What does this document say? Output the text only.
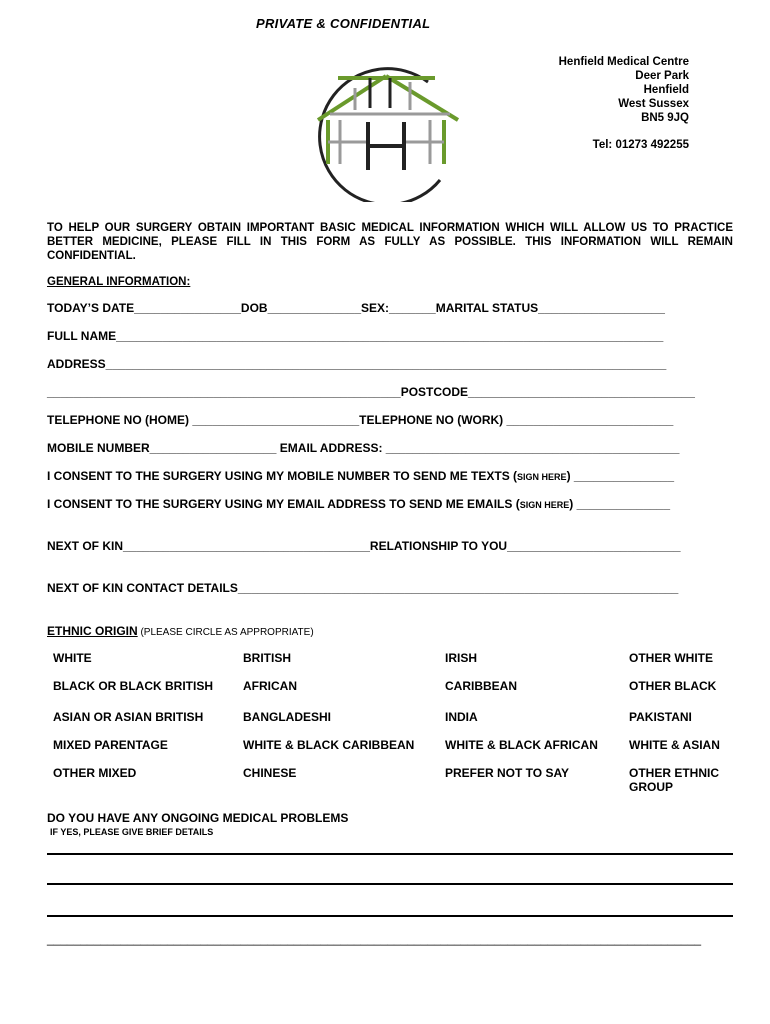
PRIVATE & CONFIDENTIAL
Henfield Medical Centre
Deer Park
Henfield
West Sussex
BN5 9JQ
Tel: 01273 492255
TO HELP OUR SURGERY OBTAIN IMPORTANT BASIC MEDICAL INFORMATION WHICH WILL ALLOW US TO PRACTICE BETTER MEDICINE, PLEASE FILL IN THIS FORM AS FULLY AS POSSIBLE. THIS INFORMATION WILL REMAIN CONFIDENTIAL.
GENERAL INFORMATION:
TODAY’S DATE________________DOB______________SEX:_______MARITAL STATUS___________________
FULL NAME__________________________________________________________________________________
ADDRESS____________________________________________________________________________________
_____________________________________________________POSTCODE__________________________________
TELEPHONE NO (HOME) _________________________TELEPHONE NO (WORK) _________________________
MOBILE NUMBER___________________ EMAIL ADDRESS: ____________________________________________
I CONSENT TO THE SURGERY USING MY MOBILE NUMBER TO SEND ME TEXTS (SIGN HERE) _______________
I CONSENT TO THE SURGERY USING MY EMAIL ADDRESS TO SEND ME EMAILS (SIGN HERE) ______________
NEXT OF KIN_____________________________________RELATIONSHIP TO YOU__________________________
NEXT OF KIN CONTACT DETAILS__________________________________________________________________
ETHNIC ORIGIN (PLEASE CIRCLE AS APPROPRIATE)
WHITE	BRITISH	IRISH	OTHER WHITE
BLACK OR BLACK BRITISH	AFRICAN	CARIBBEAN	OTHER BLACK
ASIAN OR ASIAN BRITISH	BANGLADESHI	INDIA	PAKISTANI
MIXED PARENTAGE	WHITE & BLACK CARIBBEAN	WHITE & BLACK AFRICAN	WHITE & ASIAN
OTHER MIXED	CHINESE	PREFER NOT TO SAY	OTHER ETHNIC GROUP
DO YOU HAVE ANY ONGOING MEDICAL PROBLEMS
IF YES, PLEASE GIVE BRIEF DETAILS
__________________________________________________________________________________________________
